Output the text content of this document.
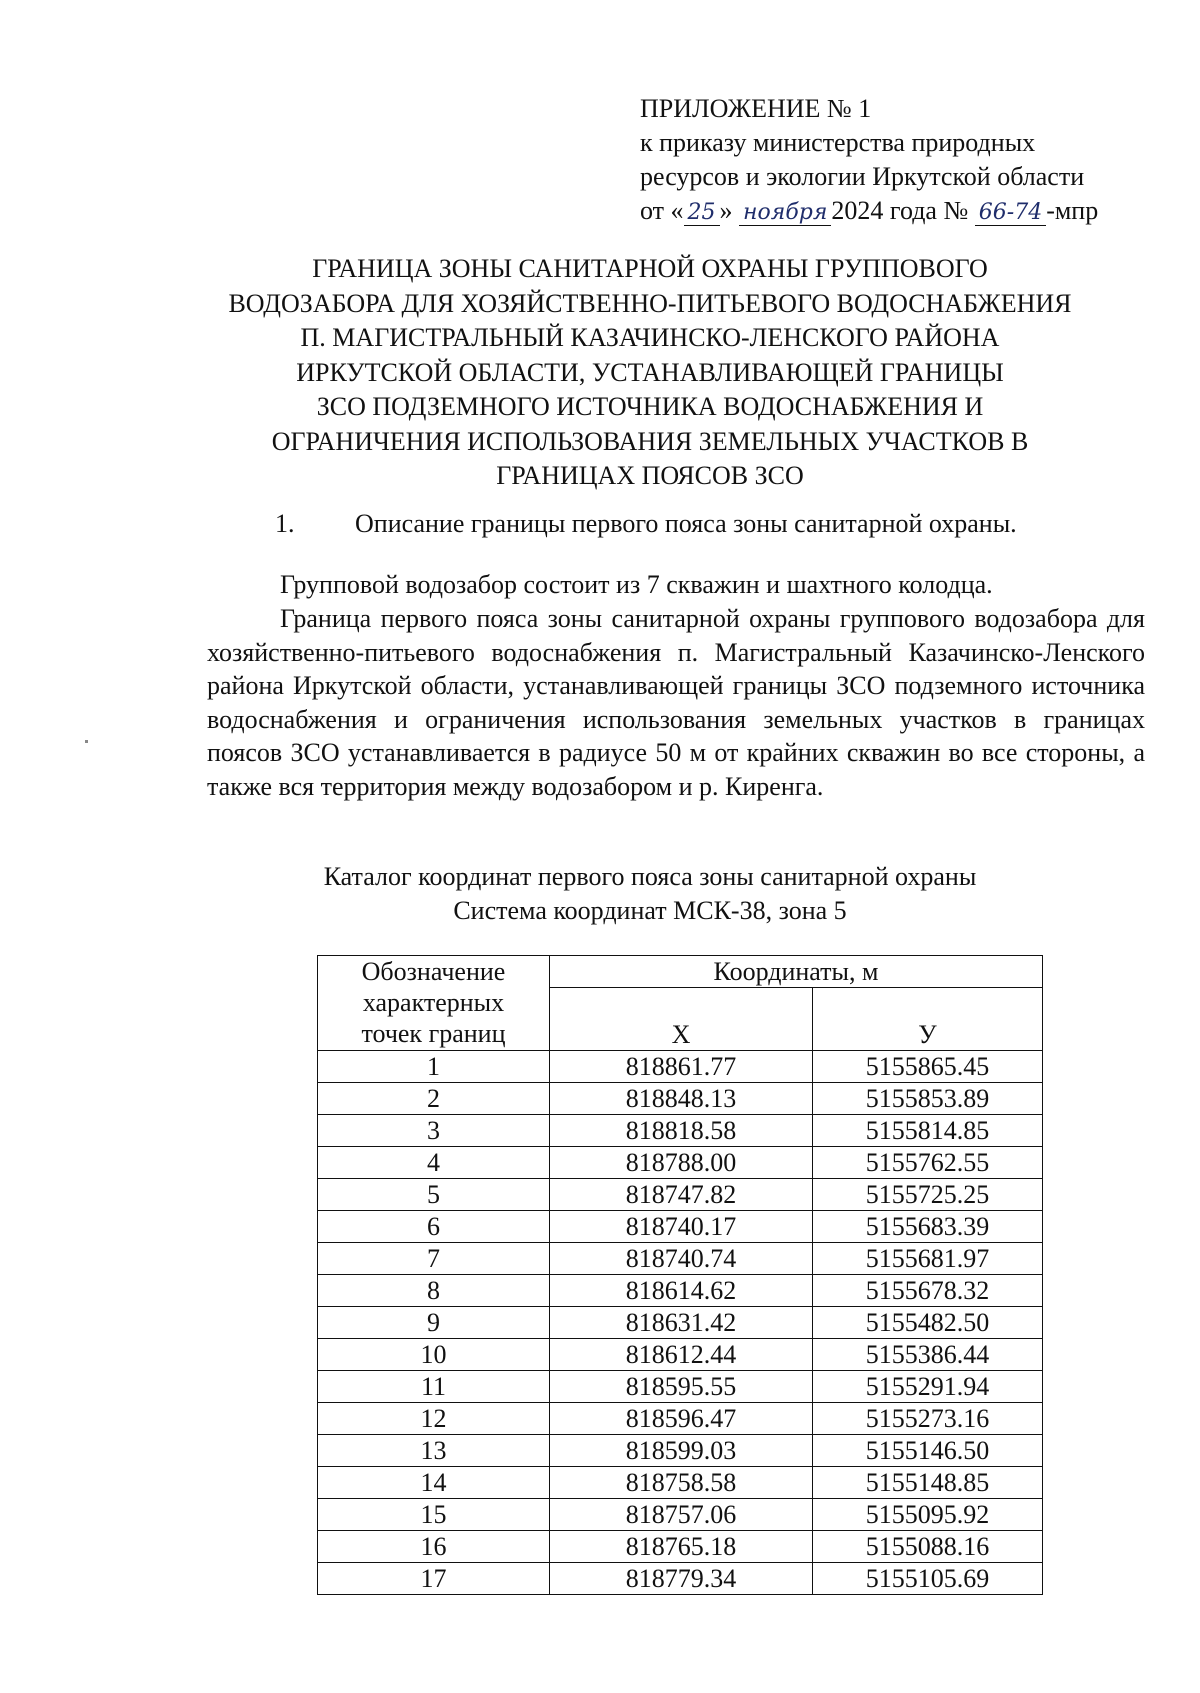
ПРИЛОЖЕНИЕ № 1
к приказу министерства природных
ресурсов и экологии Иркутской области
от « 25 » ноября 2024 года № 66-74 -мпр
ГРАНИЦА ЗОНЫ САНИТАРНОЙ ОХРАНЫ ГРУППОВОГО
ВОДОЗАБОРА ДЛЯ ХОЗЯЙСТВЕННО-ПИТЬЕВОГО ВОДОСНАБЖЕНИЯ
П. МАГИСТРАЛЬНЫЙ КАЗАЧИНСКО-ЛЕНСКОГО РАЙОНА
ИРКУТСКОЙ ОБЛАСТИ, УСТАНАВЛИВАЮЩЕЙ ГРАНИЦЫ
ЗСО ПОДЗЕМНОГО ИСТОЧНИКА ВОДОСНАБЖЕНИЯ И
ОГРАНИЧЕНИЯ ИСПОЛЬЗОВАНИЯ ЗЕМЕЛЬНЫХ УЧАСТКОВ В
ГРАНИЦАХ ПОЯСОВ ЗСО
1. Описание границы первого пояса зоны санитарной охраны.
Групповой водозабор состоит из 7 скважин и шахтного колодца.
Граница первого пояса зоны санитарной охраны группового водозабора для хозяйственно-питьевого водоснабжения п. Магистральный Казачинско-Ленского района Иркутской области, устанавливающей границы ЗСО подземного источника водоснабжения и ограничения использования земельных участков в границах поясов ЗСО устанавливается в радиусе 50 м от крайних скважин во все стороны, а также вся территория между водозабором и р. Киренга.
Каталог координат первого пояса зоны санитарной охраны
Система координат МСК-38, зона 5
Обозначение
характерных
точек границ	Координаты, м	
	X	У
1	818861.77	5155865.45
2	818848.13	5155853.89
3	818818.58	5155814.85
4	818788.00	5155762.55
5	818747.82	5155725.25
6	818740.17	5155683.39
7	818740.74	5155681.97
8	818614.62	5155678.32
9	818631.42	5155482.50
10	818612.44	5155386.44
11	818595.55	5155291.94
12	818596.47	5155273.16
13	818599.03	5155146.50
14	818758.58	5155148.85
15	818757.06	5155095.92
16	818765.18	5155088.16
17	818779.34	5155105.69
